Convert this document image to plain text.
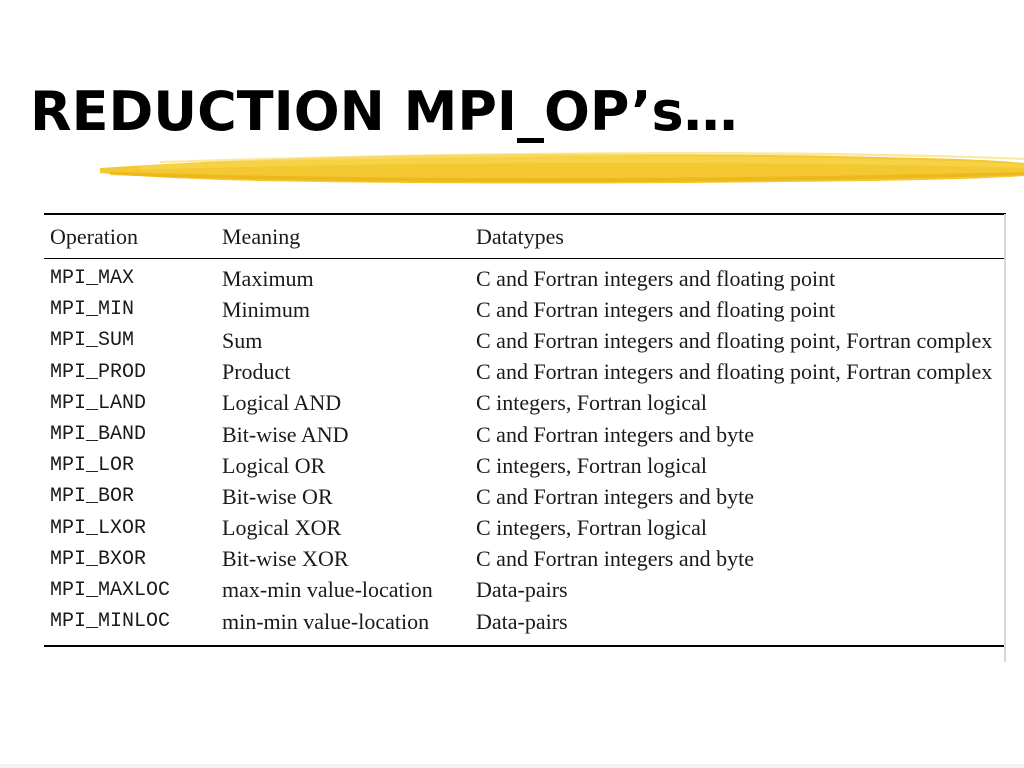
REDUCTION MPI_OP’s…
Operation	Meaning	Datatypes
MPI_MAX	Maximum	C and Fortran integers and floating point
MPI_MIN	Minimum	C and Fortran integers and floating point
MPI_SUM	Sum	C and Fortran integers and floating point, Fortran complex
MPI_PROD	Product	C and Fortran integers and floating point, Fortran complex
MPI_LAND	Logical AND	C integers, Fortran logical
MPI_BAND	Bit-wise AND	C and Fortran integers and byte
MPI_LOR	Logical OR	C integers, Fortran logical
MPI_BOR	Bit-wise OR	C and Fortran integers and byte
MPI_LXOR	Logical XOR	C integers, Fortran logical
MPI_BXOR	Bit-wise XOR	C and Fortran integers and byte
MPI_MAXLOC	max-min value-location	Data-pairs
MPI_MINLOC	min-min value-location	Data-pairs
